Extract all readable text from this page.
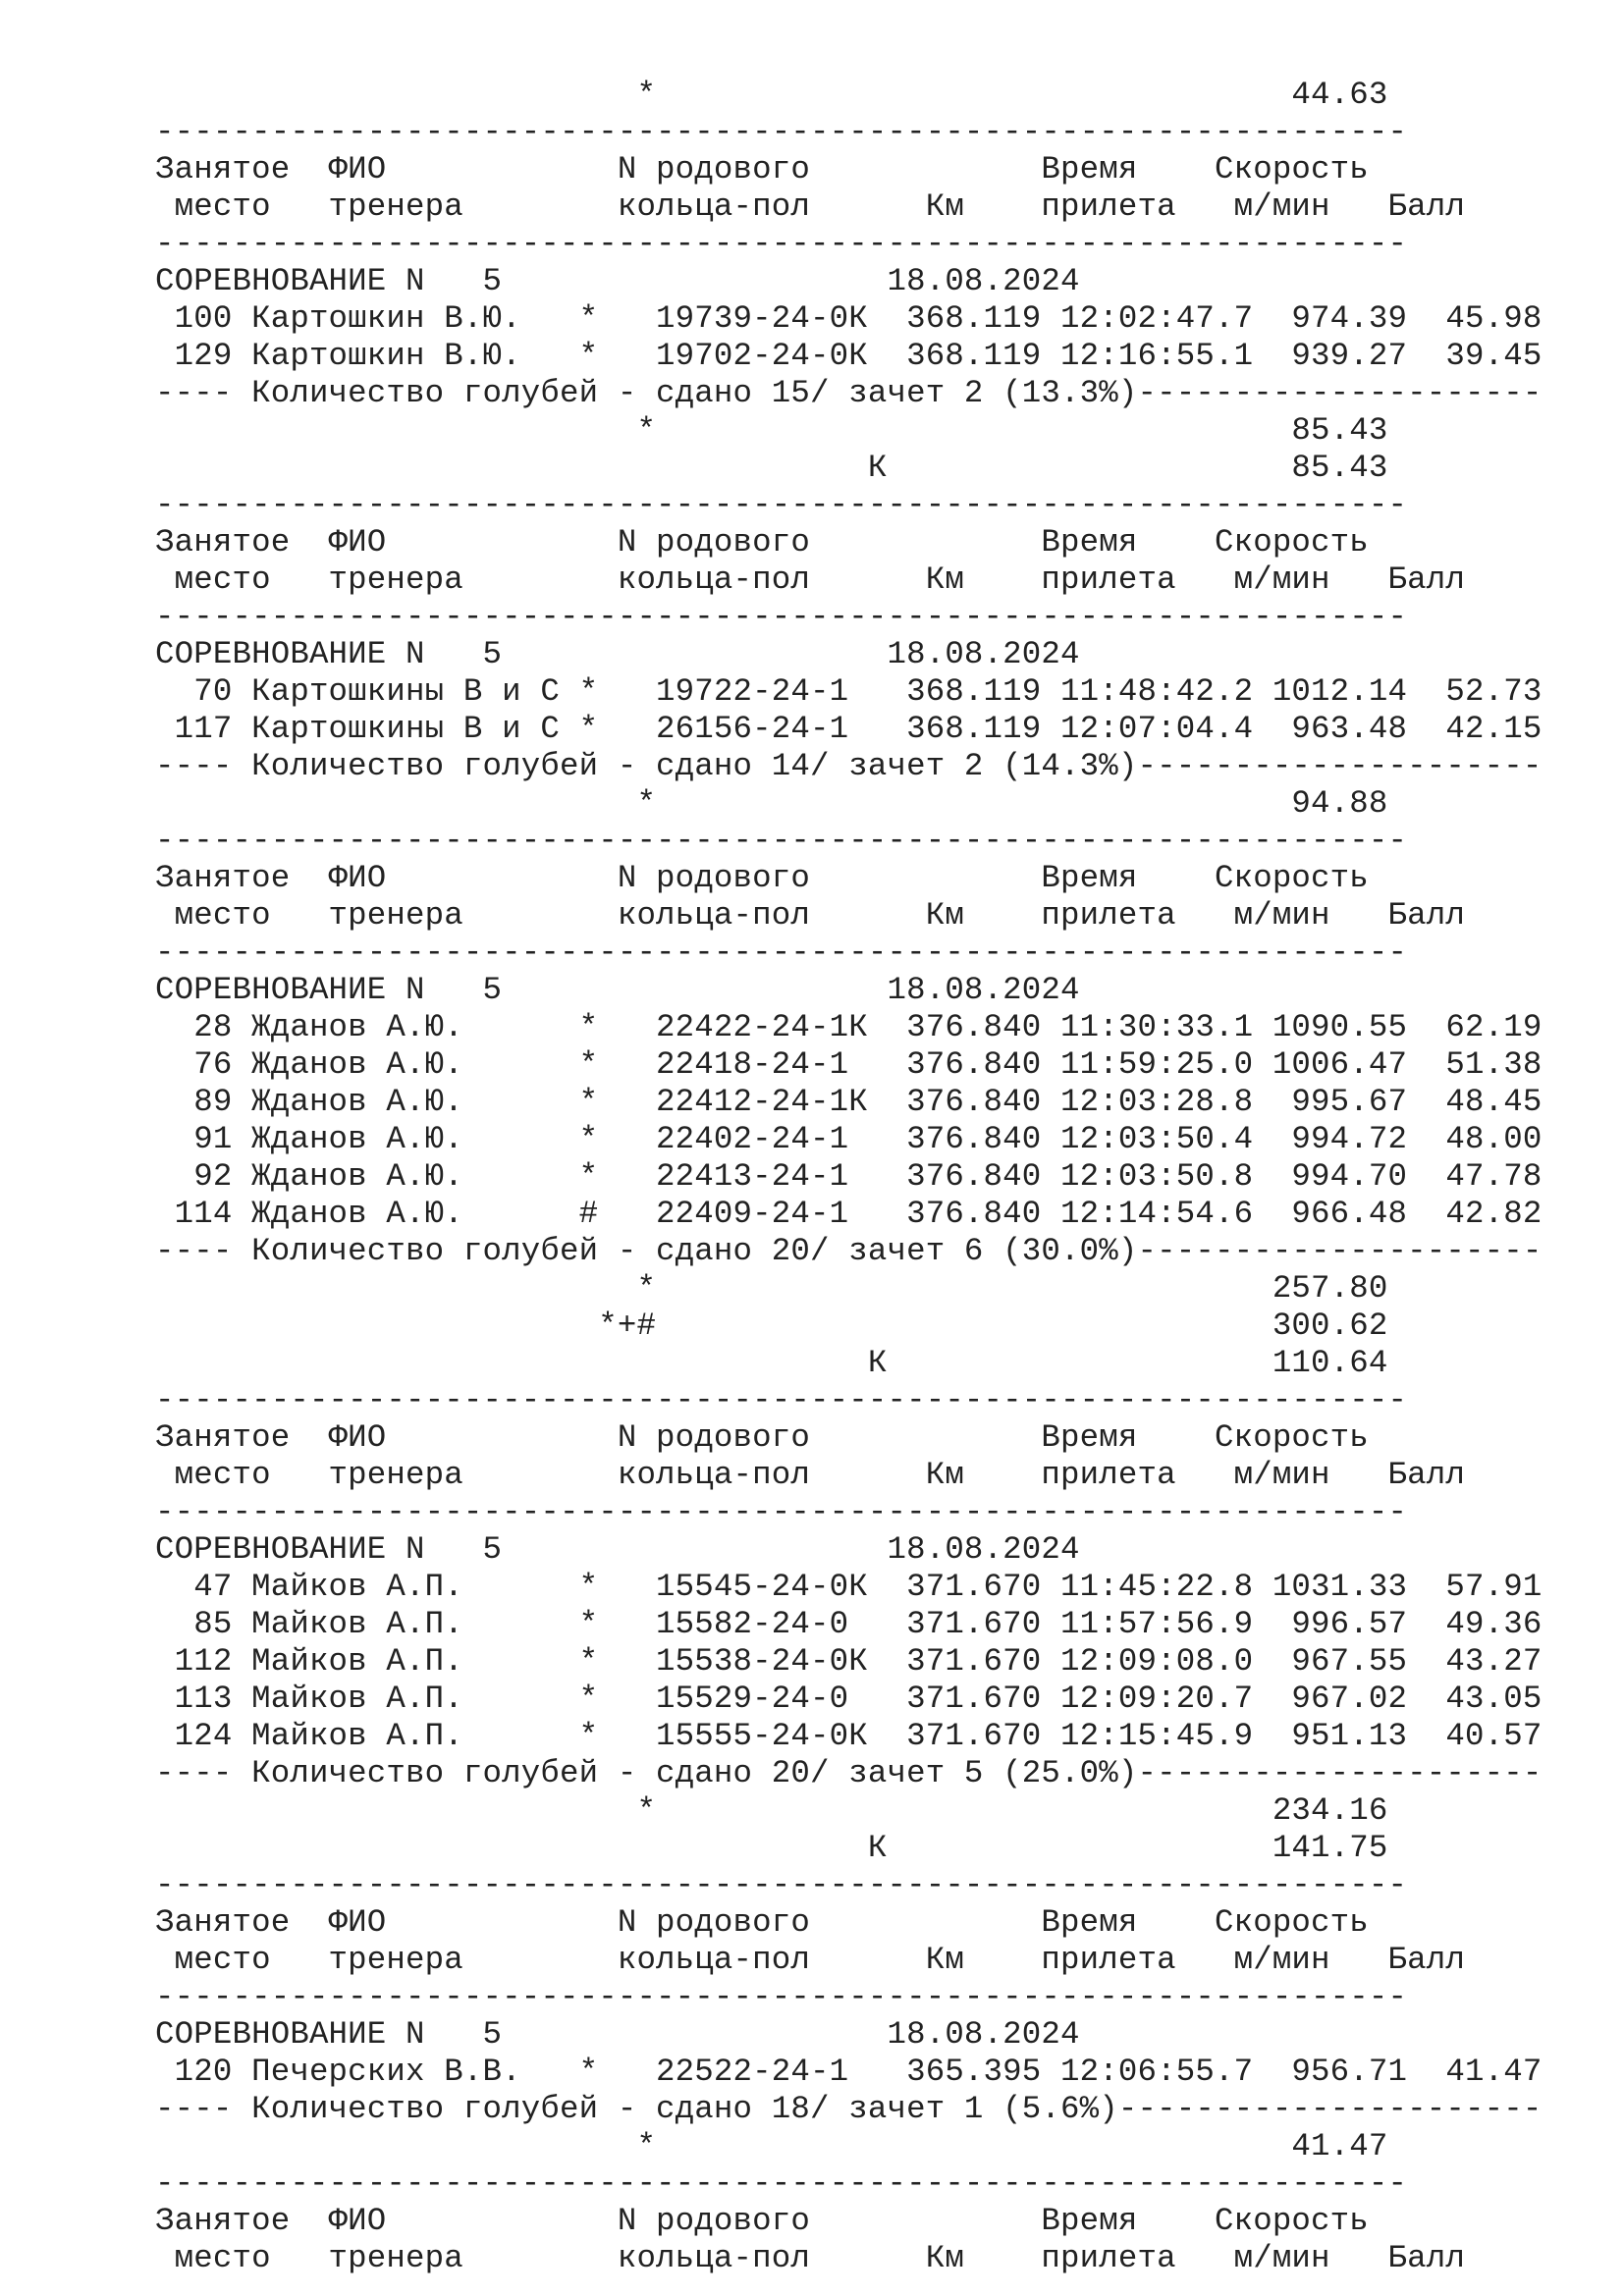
*                                 44.63
-----------------------------------------------------------------
Занятое  ФИО            N родового            Время    Скорость
место   тренера        кольца-пол      Км    прилета   м/мин   Балл
-----------------------------------------------------------------
СОРЕВНОВАНИЕ N   5                    18.08.2024
100 Картошкин В.Ю.   *   19739-24-0К  368.119 12:02:47.7  974.39  45.98
129 Картошкин В.Ю.   *   19702-24-0К  368.119 12:16:55.1  939.27  39.45
---- Количество голубей - сдано 15/ зачет 2 (13.3%)---------------------
*                                 85.43
К                     85.43
-----------------------------------------------------------------
Занятое  ФИО            N родового            Время    Скорость
место   тренера        кольца-пол      Км    прилета   м/мин   Балл
-----------------------------------------------------------------
СОРЕВНОВАНИЕ N   5                    18.08.2024
70 Картошкины В и С *   19722-24-1   368.119 11:48:42.2 1012.14  52.73
117 Картошкины В и С *   26156-24-1   368.119 12:07:04.4  963.48  42.15
---- Количество голубей - сдано 14/ зачет 2 (14.3%)---------------------
*                                 94.88
-----------------------------------------------------------------
Занятое  ФИО            N родового            Время    Скорость
место   тренера        кольца-пол      Км    прилета   м/мин   Балл
-----------------------------------------------------------------
СОРЕВНОВАНИЕ N   5                    18.08.2024
28 Жданов А.Ю.      *   22422-24-1К  376.840 11:30:33.1 1090.55  62.19
76 Жданов А.Ю.      *   22418-24-1   376.840 11:59:25.0 1006.47  51.38
89 Жданов А.Ю.      *   22412-24-1К  376.840 12:03:28.8  995.67  48.45
91 Жданов А.Ю.      *   22402-24-1   376.840 12:03:50.4  994.72  48.00
92 Жданов А.Ю.      *   22413-24-1   376.840 12:03:50.8  994.70  47.78
114 Жданов А.Ю.      #   22409-24-1   376.840 12:14:54.6  966.48  42.82
---- Количество голубей - сдано 20/ зачет 6 (30.0%)---------------------
*                                257.80
*+#                                300.62
К                    110.64
-----------------------------------------------------------------
Занятое  ФИО            N родового            Время    Скорость
место   тренера        кольца-пол      Км    прилета   м/мин   Балл
-----------------------------------------------------------------
СОРЕВНОВАНИЕ N   5                    18.08.2024
47 Майков А.П.      *   15545-24-0К  371.670 11:45:22.8 1031.33  57.91
85 Майков А.П.      *   15582-24-0   371.670 11:57:56.9  996.57  49.36
112 Майков А.П.      *   15538-24-0К  371.670 12:09:08.0  967.55  43.27
113 Майков А.П.      *   15529-24-0   371.670 12:09:20.7  967.02  43.05
124 Майков А.П.      *   15555-24-0К  371.670 12:15:45.9  951.13  40.57
---- Количество голубей - сдано 20/ зачет 5 (25.0%)---------------------
*                                234.16
К                    141.75
-----------------------------------------------------------------
Занятое  ФИО            N родового            Время    Скорость
место   тренера        кольца-пол      Км    прилета   м/мин   Балл
-----------------------------------------------------------------
СОРЕВНОВАНИЕ N   5                    18.08.2024
120 Печерских В.В.   *   22522-24-1   365.395 12:06:55.7  956.71  41.47
---- Количество голубей - сдано 18/ зачет 1 (5.6%)----------------------
*                                 41.47
-----------------------------------------------------------------
Занятое  ФИО            N родового            Время    Скорость
место   тренера        кольца-пол      Км    прилета   м/мин   Балл
